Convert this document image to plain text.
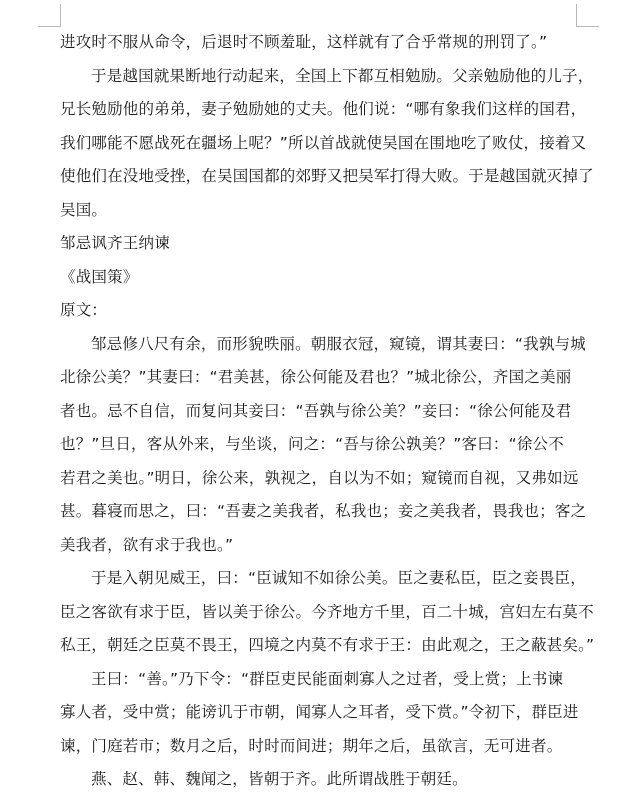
进攻时不服从命令，后退时不顾羞耻，这样就有了合乎常规的刑罚了。”
于是越国就果断地行动起来，全国上下都互相勉励。父亲勉励他的儿子，
兄长勉励他的弟弟，妻子勉励她的丈夫。他们说：“哪有象我们这样的国君，
我们哪能不愿战死在疆场上呢？”所以首战就使吴国在围地吃了败仗，接着又
使他们在没地受挫，在吴国国都的郊野又把吴军打得大败。于是越国就灭掉了
吴国。
邹忌讽齐王纳谏
《战国策》
原文：
邹忌修八尺有余，而形貌昳丽。朝服衣冠，窥镜，谓其妻曰：“我孰与城
北徐公美？”其妻曰：“君美甚，徐公何能及君也？”城北徐公，齐国之美丽
者也。忌不自信，而复问其妾曰：“吾孰与徐公美？”妾曰：“徐公何能及君
也？”旦日，客从外来，与坐谈，问之：“吾与徐公孰美？”客曰：“徐公不
若君之美也。”明日，徐公来，孰视之，自以为不如；窥镜而自视，又弗如远
甚。暮寝而思之，曰：“吾妻之美我者，私我也；妾之美我者，畏我也；客之
美我者，欲有求于我也。”
于是入朝见威王，曰：“臣诚知不如徐公美。臣之妻私臣，臣之妾畏臣，
臣之客欲有求于臣，皆以美于徐公。今齐地方千里，百二十城，宫妇左右莫不
私王，朝廷之臣莫不畏王，四境之内莫不有求于王：由此观之，王之蔽甚矣。”
王曰：“善。”乃下令：“群臣吏民能面刺寡人之过者，受上赏；上书谏
寡人者，受中赏；能谤讥于市朝，闻寡人之耳者，受下赏。”令初下，群臣进
谏，门庭若市；数月之后，时时而间进；期年之后，虽欲言，无可进者。
燕、赵、韩、魏闻之，皆朝于齐。此所谓战胜于朝廷。
